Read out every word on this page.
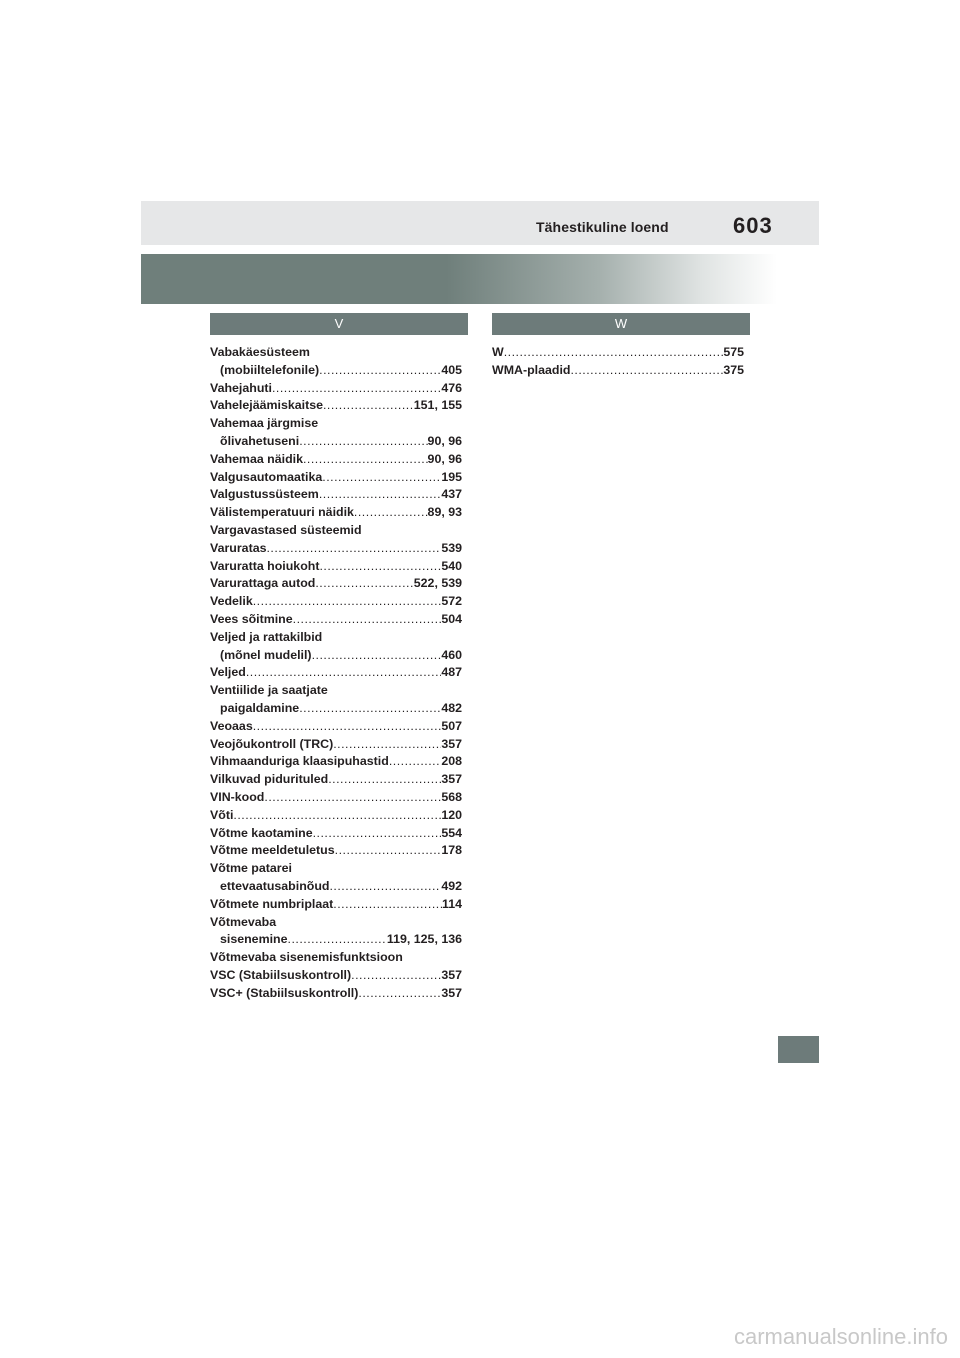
Tähestikuline loend	603
V	W
Vabakäesüsteem
(mobiiltelefonile) .....	405
Vahejahuti .....	476
Vahelejäämiskaitse .....	151, 155
Vahemaa järgmise
õlivahetuseni .....	90, 96
Vahemaa näidik .....	90, 96
Valgusautomaatika .....	195
Valgustussüsteem .....	437
Välistemperatuuri näidik .....	89, 93
Vargavastased süsteemid
Varuratas .....	539
Varuratta hoiukoht .....	540
Varurattaga autod .....	522, 539
Vedelik .....	572
Vees sõitmine .....	504
Veljed ja rattakilbid
(mõnel mudelil) .....	460
Veljed .....	487
Ventiilide ja saatjate
paigaldamine .....	482
Veoaas .....	507
Veojõukontroll (TRC) .....	357
Vihmaanduriga klaasipuhastid .....	208
Vilkuvad pidurituled .....	357
VIN-kood .....	568
Võti .....	120
Võtme kaotamine .....	554
Võtme meeldetuletus .....	178
Võtme patarei
ettevaatusabinõud .....	492
Võtmete numbriplaat .....	114
Võtmevaba
sisenemine .....	119, 125, 136
Võtmevaba sisenemisfunktsioon
VSC (Stabiilsuskontroll) .....	357
VSC+ (Stabiilsuskontroll) .....	357
W .....	575
WMA-plaadid .....	375
carmanualsonline.info
